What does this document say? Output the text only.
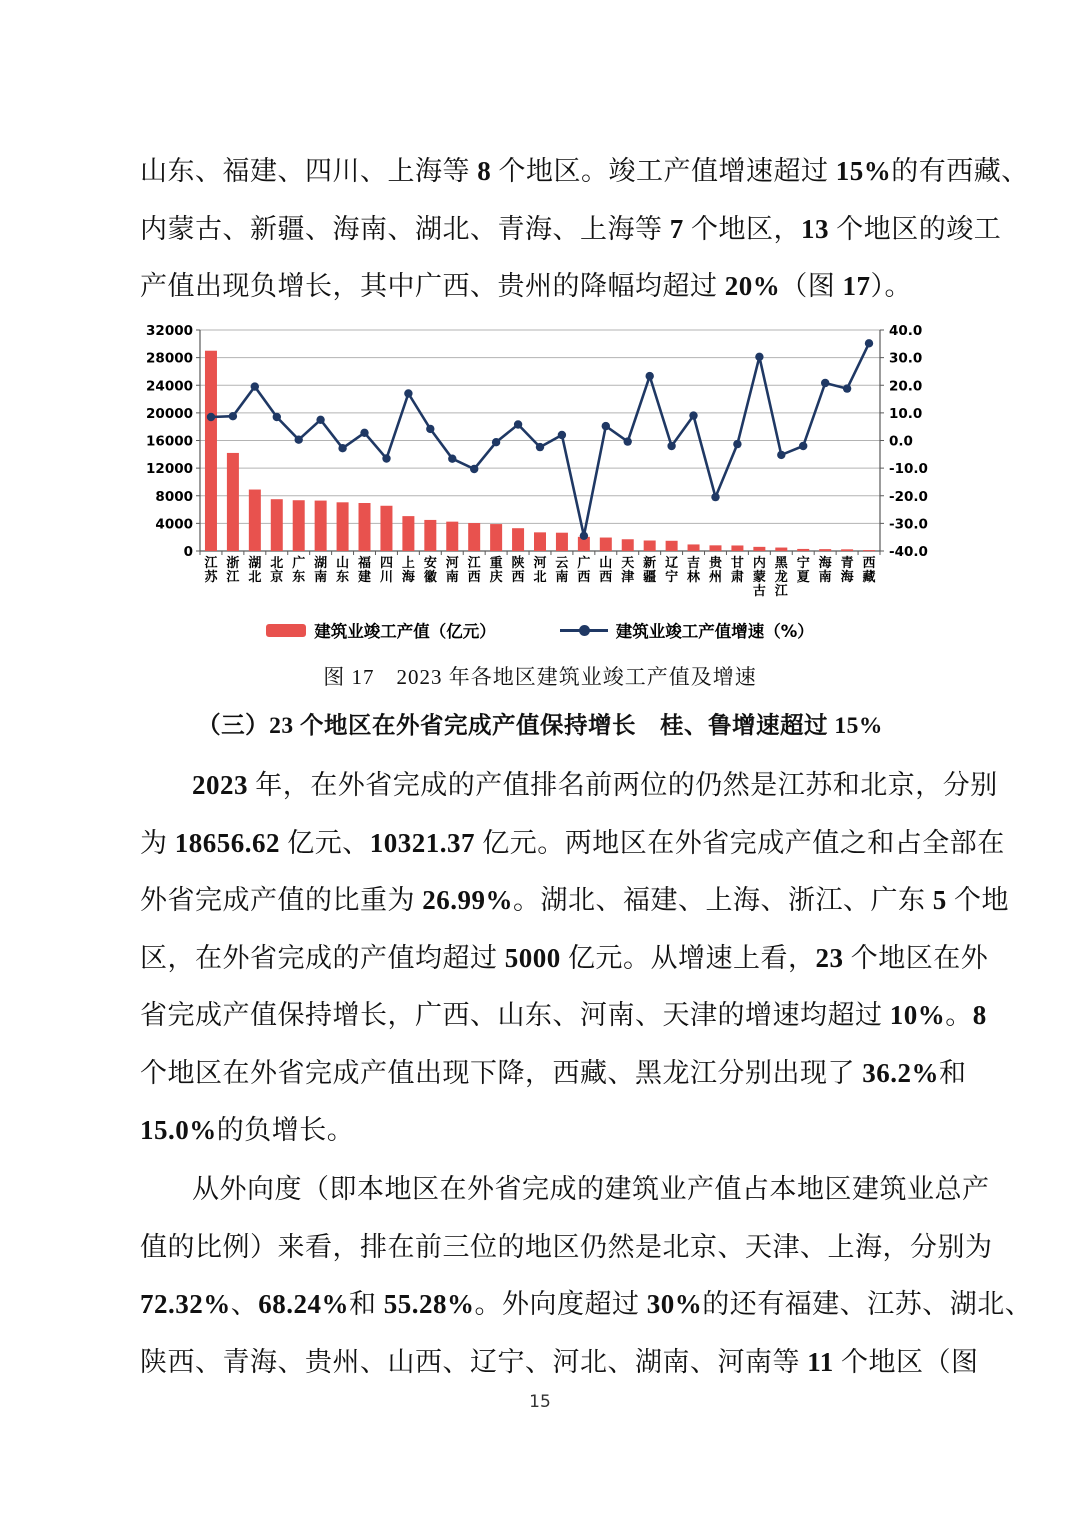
山东、福建、四川、上海等 8 个地区。竣工产值增速超过 15%的有西藏、
内蒙古、新疆、海南、湖北、青海、上海等 7 个地区，13 个地区的竣工
产值出现负增长，其中广西、贵州的降幅均超过 20%（图 17）。
0
4000
8000
12000
16000
20000
24000
28000
32000
-40.0
-30.0
-20.0
-10.0
0.0
10.0
20.0
30.0
40.0
江苏
浙江
湖北
北京
广东
湖南
山东
福建
四川
上海
安徽
河南
江西
重庆
陕西
河北
云南
广西
山西
天津
新疆
辽宁
吉林
贵州
甘肃
内蒙古
黑龙江
宁夏
海南
青海
西藏
建筑业竣工产值（亿元）	建筑业竣工产值增速（%）
图 17　2023 年各地区建筑业竣工产值及增速
（三）23 个地区在外省完成产值保持增长　桂、鲁增速超过 15%
2023 年，在外省完成的产值排名前两位的仍然是江苏和北京，分别
为 18656.62 亿元、10321.37 亿元。两地区在外省完成产值之和占全部在
外省完成产值的比重为 26.99%。湖北、福建、上海、浙江、广东 5 个地
区，在外省完成的产值均超过 5000 亿元。从增速上看，23 个地区在外
省完成产值保持增长，广西、山东、河南、天津的增速均超过 10%。8
个地区在外省完成产值出现下降，西藏、黑龙江分别出现了 36.2%和
15.0%的负增长。
从外向度（即本地区在外省完成的建筑业产值占本地区建筑业总产
值的比例）来看，排在前三位的地区仍然是北京、天津、上海，分别为
72.32%、68.24%和 55.28%。外向度超过 30%的还有福建、江苏、湖北、
陕西、青海、贵州、山西、辽宁、河北、湖南、河南等 11 个地区（图
15
